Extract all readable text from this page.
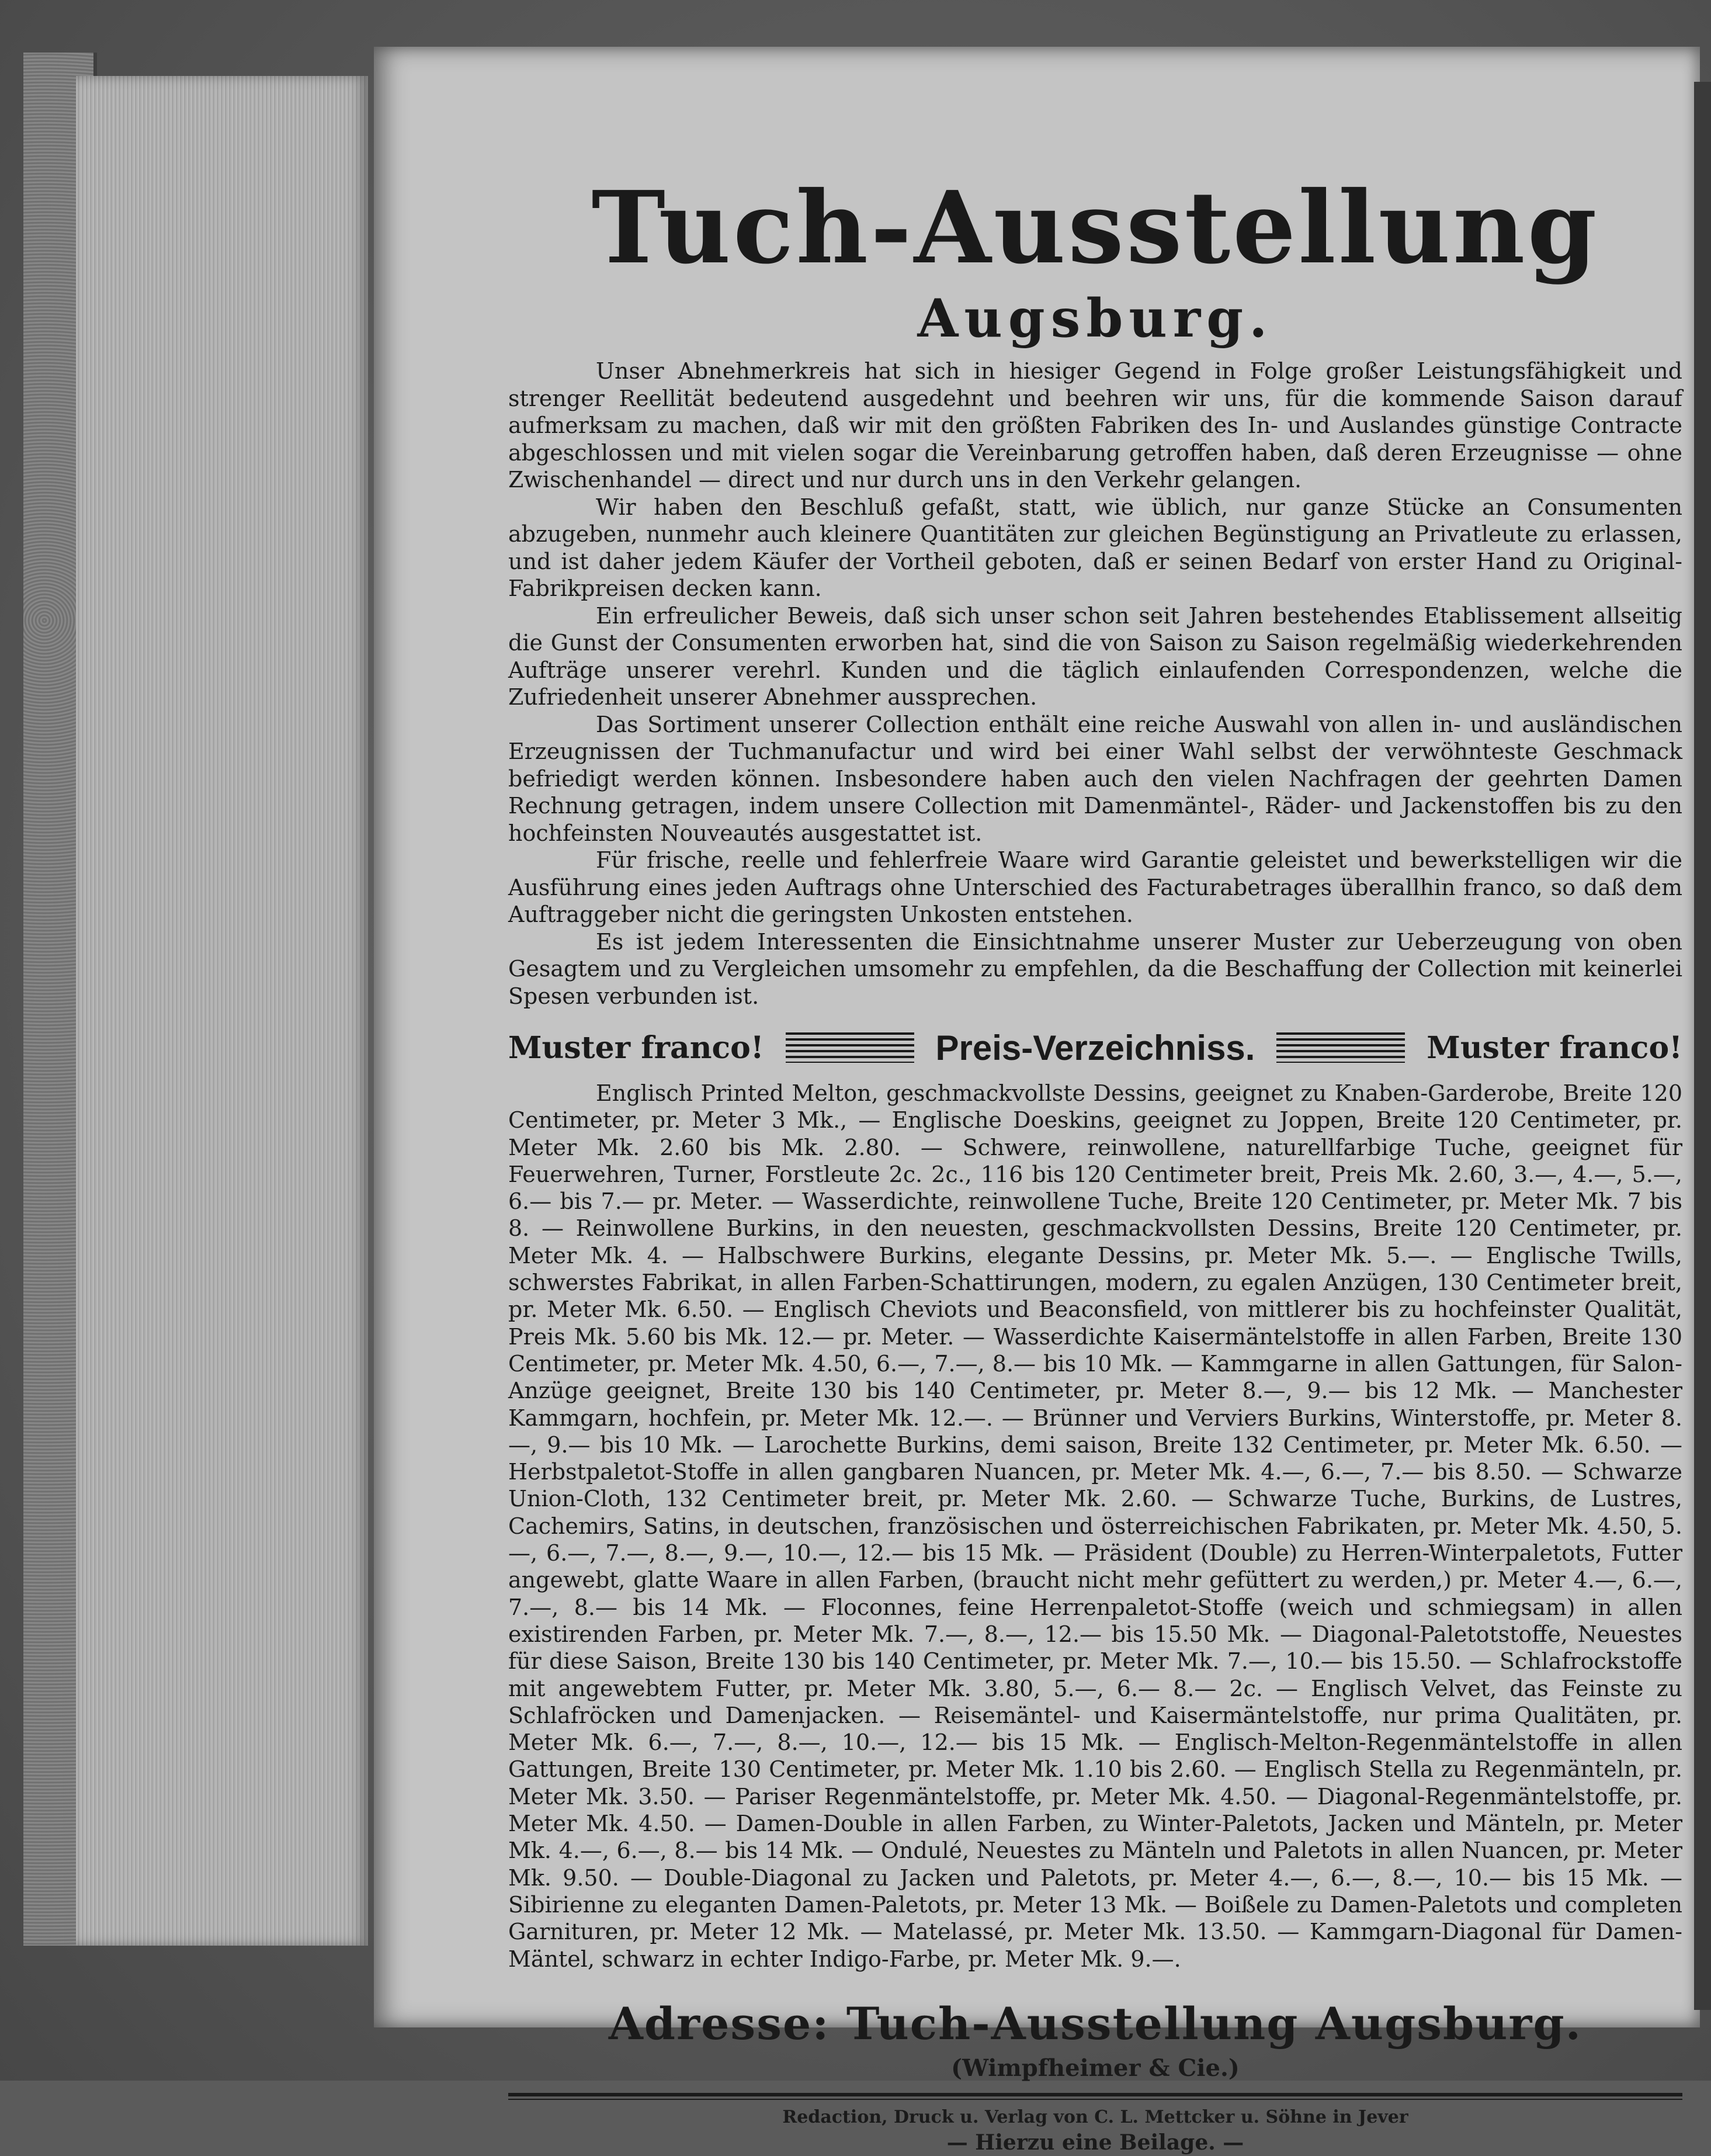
Tuch-Ausstellung
Augsburg.

Unser Abnehmerkreis hat sich in hiesiger Gegend in Folge großer Leistungsfähigkeit und strenger Reellität bedeutend ausgedehnt und beehren wir uns, für die kommende Saison darauf aufmerksam zu machen, daß wir mit den größten Fabriken des In- und Auslandes günstige Contracte abgeschlossen und mit vielen sogar die Vereinbarung getroffen haben, daß deren Erzeugnisse — ohne Zwischenhandel — direct und nur durch uns in den Verkehr gelangen.

Wir haben den Beschluß gefaßt, statt, wie üblich, nur ganze Stücke an Consumenten abzugeben, nunmehr auch kleinere Quantitäten zur gleichen Begünstigung an Privatleute zu erlassen, und ist daher jedem Käufer der Vortheil geboten, daß er seinen Bedarf von erster Hand zu Original-Fabrikpreisen decken kann.

Ein erfreulicher Beweis, daß sich unser schon seit Jahren bestehendes Etablissement allseitig die Gunst der Consumenten erworben hat, sind die von Saison zu Saison regelmäßig wiederkehrenden Aufträge unserer verehrl. Kunden und die täglich einlaufenden Correspondenzen, welche die Zufriedenheit unserer Abnehmer aussprechen.

Das Sortiment unserer Collection enthält eine reiche Auswahl von allen in- und ausländischen Erzeugnissen der Tuchmanufactur und wird bei einer Wahl selbst der verwöhnteste Geschmack befriedigt werden können. Insbesondere haben auch den vielen Nachfragen der geehrten Damen Rechnung getragen, indem unsere Collection mit Damenmäntel-, Räder- und Jackenstoffen bis zu den hochfeinsten Nouveautés ausgestattet ist.

Für frische, reelle und fehlerfreie Waare wird Garantie geleistet und bewerkstelligen wir die Ausführung eines jeden Auftrags ohne Unterschied des Facturabetrages überallhin franco, so daß dem Auftraggeber nicht die geringsten Unkosten entstehen.

Es ist jedem Interessenten die Einsichtnahme unserer Muster zur Ueberzeugung von oben Gesagtem und zu Vergleichen umsomehr zu empfehlen, da die Beschaffung der Collection mit keinerlei Spesen verbunden ist.

Muster franco!	Preis-Verzeichniss.	Muster franco!

Englisch Printed Melton, geschmackvollste Dessins, geeignet zu Knaben-Garderobe, Breite 120 Centimeter, pr. Meter 3 Mk., — Englische Doeskins, geeignet zu Joppen, Breite 120 Centimeter, pr. Meter Mk. 2.60 bis Mk. 2.80. — Schwere, reinwollene, naturellfarbige Tuche, geeignet für Feuerwehren, Turner, Forstleute 2c. 2c., 116 bis 120 Centimeter breit, Preis Mk. 2.60, 3.—, 4.—, 5.—, 6.— bis 7.— pr. Meter. — Wasserdichte, reinwollene Tuche, Breite 120 Centimeter, pr. Meter Mk. 7 bis 8. — Reinwollene Burkins, in den neuesten, geschmackvollsten Dessins, Breite 120 Centimeter, pr. Meter Mk. 4. — Halbschwere Burkins, elegante Dessins, pr. Meter Mk. 5.—. — Englische Twills, schwerstes Fabrikat, in allen Farben-Schattirungen, modern, zu egalen Anzügen, 130 Centimeter breit, pr. Meter Mk. 6.50. — Englisch Cheviots und Beaconsfield, von mittlerer bis zu hochfeinster Qualität, Preis Mk. 5.60 bis Mk. 12.— pr. Meter. — Wasserdichte Kaisermäntelstoffe in allen Farben, Breite 130 Centimeter, pr. Meter Mk. 4.50, 6.—, 7.—, 8.— bis 10 Mk. — Kammgarne in allen Gattungen, für Salon-Anzüge geeignet, Breite 130 bis 140 Centimeter, pr. Meter 8.—, 9.— bis 12 Mk. — Manchester Kammgarn, hochfein, pr. Meter Mk. 12.—. — Brünner und Verviers Burkins, Winterstoffe, pr. Meter 8.—, 9.— bis 10 Mk. — Larochette Burkins, demi saison, Breite 132 Centimeter, pr. Meter Mk. 6.50. — Herbstpaletot-Stoffe in allen gangbaren Nuancen, pr. Meter Mk. 4.—, 6.—, 7.— bis 8.50. — Schwarze Union-Cloth, 132 Centimeter breit, pr. Meter Mk. 2.60. — Schwarze Tuche, Burkins, de Lustres, Cachemirs, Satins, in deutschen, französischen und österreichischen Fabrikaten, pr. Meter Mk. 4.50, 5.—, 6.—, 7.—, 8.—, 9.—, 10.—, 12.— bis 15 Mk. — Präsident (Double) zu Herren-Winterpaletots, Futter angewebt, glatte Waare in allen Farben, (braucht nicht mehr gefüttert zu werden,) pr. Meter 4.—, 6.—, 7.—, 8.— bis 14 Mk. — Floconnes, feine Herrenpaletot-Stoffe (weich und schmiegsam) in allen existirenden Farben, pr. Meter Mk. 7.—, 8.—, 12.— bis 15.50 Mk. — Diagonal-Paletotstoffe, Neuestes für diese Saison, Breite 130 bis 140 Centimeter, pr. Meter Mk. 7.—, 10.— bis 15.50. — Schlafrockstoffe mit angewebtem Futter, pr. Meter Mk. 3.80, 5.—, 6.— 8.— 2c. — Englisch Velvet, das Feinste zu Schlafröcken und Damenjacken. — Reisemäntel- und Kaisermäntelstoffe, nur prima Qualitäten, pr. Meter Mk. 6.—, 7.—, 8.—, 10.—, 12.— bis 15 Mk. — Englisch-Melton-Regenmäntelstoffe in allen Gattungen, Breite 130 Centimeter, pr. Meter Mk. 1.10 bis 2.60. — Englisch Stella zu Regenmänteln, pr. Meter Mk. 3.50. — Pariser Regenmäntelstoffe, pr. Meter Mk. 4.50. — Diagonal-Regenmäntelstoffe, pr. Meter Mk. 4.50. — Damen-Double in allen Farben, zu Winter-Paletots, Jacken und Mänteln, pr. Meter Mk. 4.—, 6.—, 8.— bis 14 Mk. — Ondulé, Neuestes zu Mänteln und Paletots in allen Nuancen, pr. Meter Mk. 9.50. — Double-Diagonal zu Jacken und Paletots, pr. Meter 4.—, 6.—, 8.—, 10.— bis 15 Mk. — Sibirienne zu eleganten Damen-Paletots, pr. Meter 13 Mk. — Boißele zu Damen-Paletots und completen Garnituren, pr. Meter 12 Mk. — Matelassé, pr. Meter Mk. 13.50. — Kammgarn-Diagonal für Damen-Mäntel, schwarz in echter Indigo-Farbe, pr. Meter Mk. 9.—.

Adresse: Tuch-Ausstellung Augsburg.
(Wimpfheimer & Cie.)

Redaction, Druck u. Verlag von C. L. Mettcker u. Söhne in Jever

— Hierzu eine Beilage. —
